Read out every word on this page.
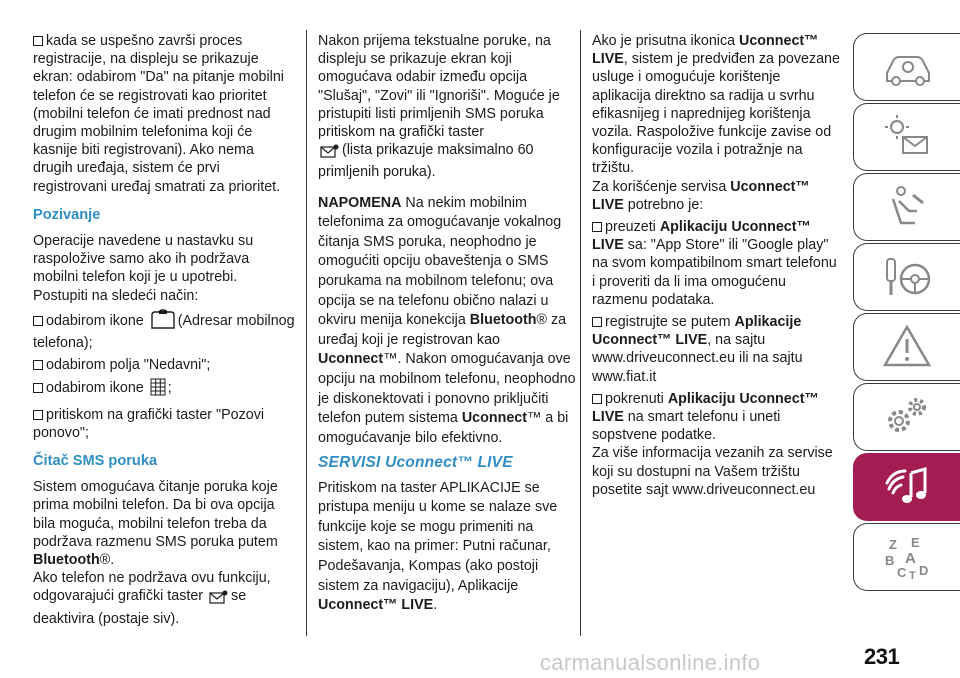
kada se uspešno završi proces registracije, na displeju se prikazuje ekran: odabirom "Da" na pitanje mobilni telefon će se registrovati kao prioritet (mobilni telefon će imati prednost nad drugim mobilnim telefonima koji će kasnije biti registrovani). Ako nema drugih uređaja, sistem će prvi registrovani uređaj smatrati za prioritet.

Pozivanje

Operacije navedene u nastavku su raspoložive samo ako ih podržava mobilni telefon koji je u upotrebi. Postupiti na sledeći način:

odabirom ikone (Adresar mobilnog telefona);

odabirom polja "Nedavni";

odabirom ikone ;

pritiskom na grafički taster "Pozovi ponovo";

Čitač SMS poruka

Sistem omogućava čitanje poruka koje prima mobilni telefon. Da bi ova opcija bila moguća, mobilni telefon treba da podržava razmenu SMS poruka putem Bluetooth®.

Ako telefon ne podržava ovu funkciju, odgovarajući grafički taster se deaktivira (postaje siv).

Nakon prijema tekstualne poruke, na displeju se prikazuje ekran koji omogućava odabir između opcija "Slušaj", "Zovi" ili "Ignoriši". Moguće je pristupiti listi primljenih SMS poruka pritiskom na grafički taster
(lista prikazuje maksimalno 60 primljenih poruka).

NAPOMENA Na nekim mobilnim telefonima za omogućavanje vokalnog čitanja SMS poruka, neophodno je omogućiti opciju obaveštenja o SMS porukama na mobilnom telefonu; ova opcija se na telefonu obično nalazi u okviru menija konekcija Bluetooth® za uređaj koji je registrovan kao Uconnect™. Nakon omogućavanja ove opciju na mobilnom telefonu, neophodno je diskonektovati i ponovno priključiti telefon putem sistema Uconnect™ a bi omogućavanje bilo efektivno.

SERVISI Uconnect™ LIVE

Pritiskom na taster APLIKACIJE se pristupa meniju u kome se nalaze sve funkcije koje se mogu primeniti na sistem, kao na primer: Putni računar, Podešavanja, Kompas (ako postoji sistem za navigaciju), Aplikacije Uconnect™ LIVE.

Ako je prisutna ikonica Uconnect™ LIVE, sistem je predviđen za povezane usluge i omogućuje korištenje aplikacija direktno sa radija u svrhu efikasnijeg i naprednijeg korištenja vozila. Raspoložive funkcije zavise od konfiguracije vozila i potražnje na tržištu.

Za korišćenje servisa Uconnect™ LIVE potrebno je:

preuzeti Aplikaciju Uconnect™ LIVE sa: "App Store" ili "Google play" na svom kompatibilnom smart telefonu i proveriti da li ima omogućenu razmenu podataka.

registrujte se putem Aplikacije Uconnect™ LIVE, na sajtu www.driveuconnect.eu ili na sajtu www.fiat.it

pokrenuti Aplikaciju Uconnect™ LIVE na smart telefonu i uneti sopstvene podatke.

Za više informacija vezanih za servise koji su dostupni na Vašem tržištu posetite sajt www.driveuconnect.eu

Z E
B A
C D
T
carmanualsonline.info	231
